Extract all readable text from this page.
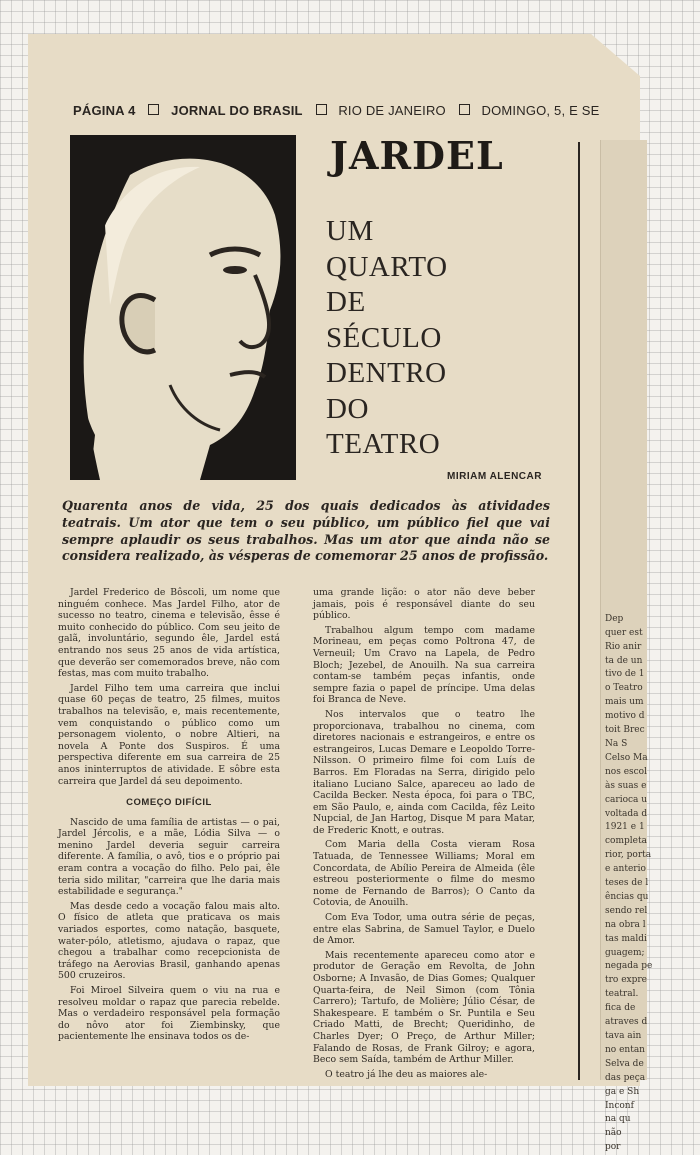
Dep
quer est
Rio anir
ta de un
tivo de 1
o Teatro
mais um
motivo d
toit Brec
Na S
Celso Ma
nos escol
às suas e
carioca u
voltada d
1921 e 1
completa
rior, porta
e anterio
teses de l
ências qu
sendo rel
na obra l
tas maldi
guagem;
negada pe
tro expre
teatral.
fica de
atraves d
tava ain
no entan
Selva de
das peça
ga e Sh
Inconf
na qu
não
por
PÁGINA 4	JORNAL DO BRASIL	RIO DE JANEIRO	DOMINGO, 5, E SE
JARDEL
UM
QUARTO
DE
SÉCULO
DENTRO
DO
TEATRO
MIRIAM ALENCAR
Quarenta anos de vida, 25 dos quais dedicados às atividades teatrais. Um ator que tem o seu público, um público fiel que vai sempre aplaudir os seus trabalhos. Mas um ator que ainda não se considera realizado, às vésperas de comemorar 25 anos de profissão.

Jardel Frederico de Bôscoli, um nome que ninguém conhece. Mas Jardel Filho, ator de sucesso no teatro, cinema e televisão, êsse é muito conhecido do público. Com seu jeito de galã, involuntário, segundo êle, Jardel está entrando nos seus 25 anos de vida artística, que deverão ser comemorados breve, não com festas, mas com muito trabalho.

Jardel Filho tem uma carreira que inclui quase 60 peças de teatro, 25 filmes, muitos trabalhos na televisão, e, mais recentemente, vem conquistando o público como um personagem violento, o nobre Altieri, na novela A Ponte dos Suspiros. É uma perspectiva diferente em sua carreira de 25 anos ininterruptos de atividade. E sôbre esta carreira que Jardel dá seu depoimento.

COMEÇO DIFÍCIL

Nascido de uma família de artistas — o pai, Jardel Jércolis, e a mãe, Lódia Silva — o menino Jardel deveria seguir carreira diferente. A família, o avô, tios e o próprio pai eram contra a vocação do filho. Pelo pai, êle teria sido militar, "carreira que lhe daria mais estabilidade e segurança."

Mas desde cedo a vocação falou mais alto. O físico de atleta que praticava os mais variados esportes, como natação, basquete, water-pólo, atletismo, ajudava o rapaz, que chegou a trabalhar como recepcionista de tráfego na Aerovias Brasil, ganhando apenas 500 cruzeiros.

Foi Miroel Silveira quem o viu na rua e resolveu moldar o rapaz que parecia rebelde. Mas o verdadeiro responsável pela formação do nôvo ator foi Ziembinsky, que pacientemente lhe ensinava todos os de-

uma grande lição: o ator não deve beber jamais, pois é responsável diante do seu público.

Trabalhou algum tempo com madame Morineau, em peças como Poltrona 47, de Verneuil; Um Cravo na Lapela, de Pedro Bloch; Jezebel, de Anouilh. Na sua carreira contam-se também peças infantis, onde sempre fazia o papel de príncipe. Uma delas foi Branca de Neve.

Nos intervalos que o teatro lhe proporcionava, trabalhou no cinema, com diretores nacionais e estrangeiros, e entre os estrangeiros, Lucas Demare e Leopoldo Torre-Nilsson. O primeiro filme foi com Luís de Barros. Em Floradas na Serra, dirigido pelo italiano Luciano Salce, apareceu ao lado de Cacilda Becker. Nesta época, foi para o TBC, em São Paulo, e, ainda com Cacilda, fêz Leito Nupcial, de Jan Hartog, Disque M para Matar, de Frederic Knott, e outras.

Com Maria della Costa vieram Rosa Tatuada, de Tennessee Williams; Moral em Concordata, de Abílio Pereira de Almeida (êle estreou posteriormente o filme do mesmo nome de Fernando de Barros); O Canto da Cotovia, de Anouilh.

Com Eva Todor, uma outra série de peças, entre elas Sabrina, de Samuel Taylor, e Duelo de Amor.

Mais recentemente apareceu como ator e produtor de Geração em Revolta, de John Osborne; A Invasão, de Dias Gomes; Qualquer Quarta-feira, de Neil Simon (com Tônia Carrero); Tartufo, de Molière; Júlio César, de Shakespeare. E também o Sr. Puntila e Seu Criado Matti, de Brecht; Queridinho, de Charles Dyer; O Preço, de Arthur Miller; Falando de Rosas, de Frank Gilroy; e agora, Beco sem Saída, também de Arthur Miller.

O teatro já lhe deu as maiores ale-
